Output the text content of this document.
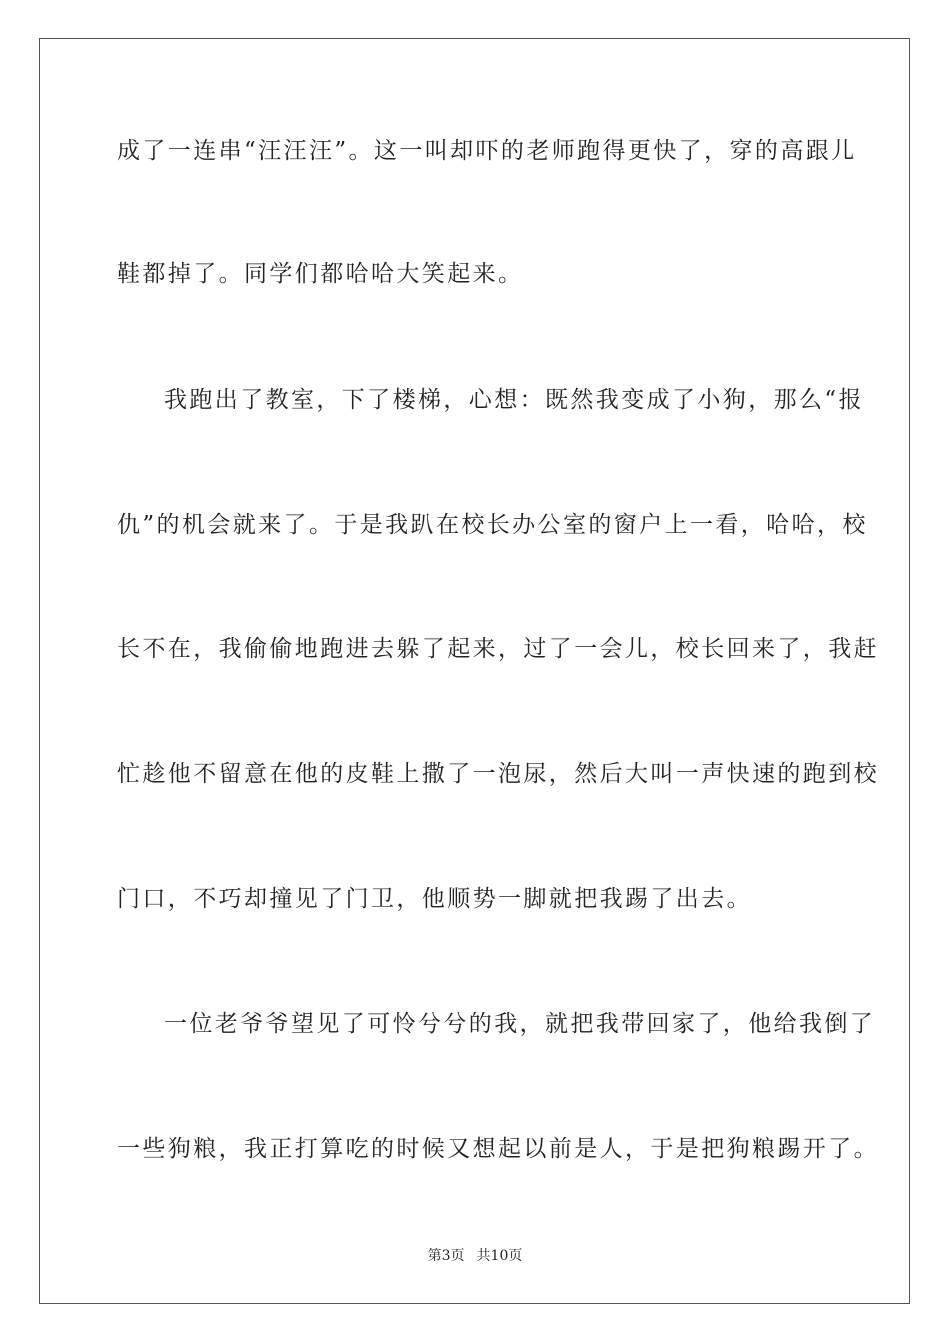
成了一连串“汪汪汪”。这一叫却吓的老师跑得更快了，穿的高跟儿
鞋都掉了。同学们都哈哈大笑起来。
我跑出了教室，下了楼梯，心想：既然我变成了小狗，那么“报
仇”的机会就来了。于是我趴在校长办公室的窗户上一看，哈哈，校
长不在，我偷偷地跑进去躲了起来，过了一会儿，校长回来了，我赶
忙趁他不留意在他的皮鞋上撒了一泡尿，然后大叫一声快速的跑到校
门口，不巧却撞见了门卫，他顺势一脚就把我踢了出去。
一位老爷爷望见了可怜兮兮的我，就把我带回家了，他给我倒了
一些狗粮，我正打算吃的时候又想起以前是人，于是把狗粮踢开了。
第3页 共10页
